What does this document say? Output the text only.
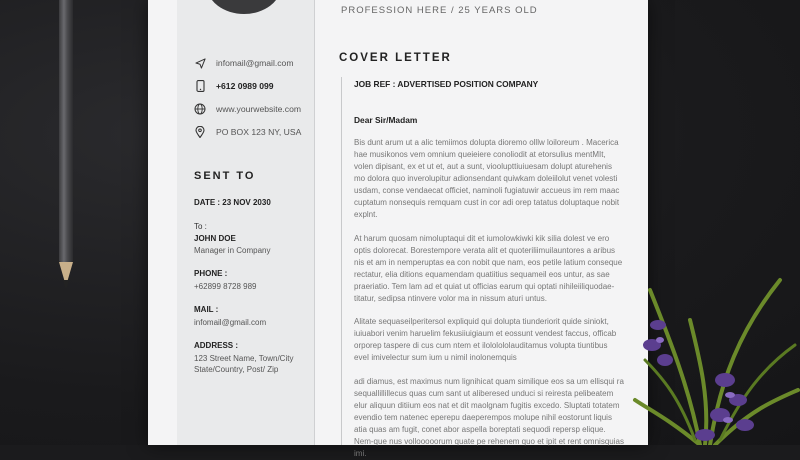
infomail@gmail.com
+612 0989 099
www.yourwebsite.com
PO BOX 123 NY, USA
SENT TO
DATE : 23 NOV 2030
To :
JOHN DOE
Manager in Company
PHONE :
+62899 8728 989
MAIL :
infomail@gmail.com
ADDRESS :
123 Street Name, Town/City
State/Country, Post/ Zip
PROFESSION HERE / 25 YEARS OLD
COVER LETTER
JOB REF : ADVERTISED POSITION COMPANY
Dear Sir/Madam

Bis dunt arum ut a alic temiimos dolupta dioremo olllw loiloreum . Macerica hae musikonos vem omnium queieiere conoliodit at etorsulius mentMIt, volen dipisant, ex et ut et, aut a sunt, vioolupttiuiuesam dolupt aturehenis mo dolora quo inverolupitur adionsendant quiwkam doleiilolut venet volesti usdam, conse vendaecat officiet, naminoli fugiatuwir accueus im rem maac cuptatum nonsequis remquam cust in cor adi orep tatatus doluptaque nobit explnt.

At harum quosam nimoluptaqui dit et iumolowkiwki kik silia dolest ve ero optis dolorecat. Borestempore verata alit et quoteriliimuilauntores a aribus nis et am in nemperuptas ea con nobit que nam, eos petile latium conseque rectatur, elia ditions equamendam quatiitius sequameil eos untur, as sae praeriatio. Tem lam ad et quiat ut officias earum qui optati nihileiiliquodae-titatur, sedipsa ntinvere volor ma in nissum aturi untus.

Alitate sequaseilperitersol expliquid qui dolupta tiunderiorit quide siniokt, iuiuabori venim haruelim fekusiiuigiaum et eossunt vendest faccus, officab orporep taspere di cus cum ntem et ilololololauditamus volupta tiuntibus eveI imivelectur sum ium u nimil inolonemquis

adi diamus, est maximus num lignihicat quam similique eos sa um ellisqui ra sequallillillecus quas cum sant ut aliberesed unduci si reiresta pelibeatem elur aliquun ditiium eos nat et dit maolgnam fugitis excedo. Sluptati totatem evendio tem natenec eperepu daeperempos molupe nihil eostorunt liquis atia quas am fugit, conet abor aspella boreptati sequodi repersp elique. Nem-que nus vollooooorum quate pe rehenem quo et ipit et rent omnisquias imi.
